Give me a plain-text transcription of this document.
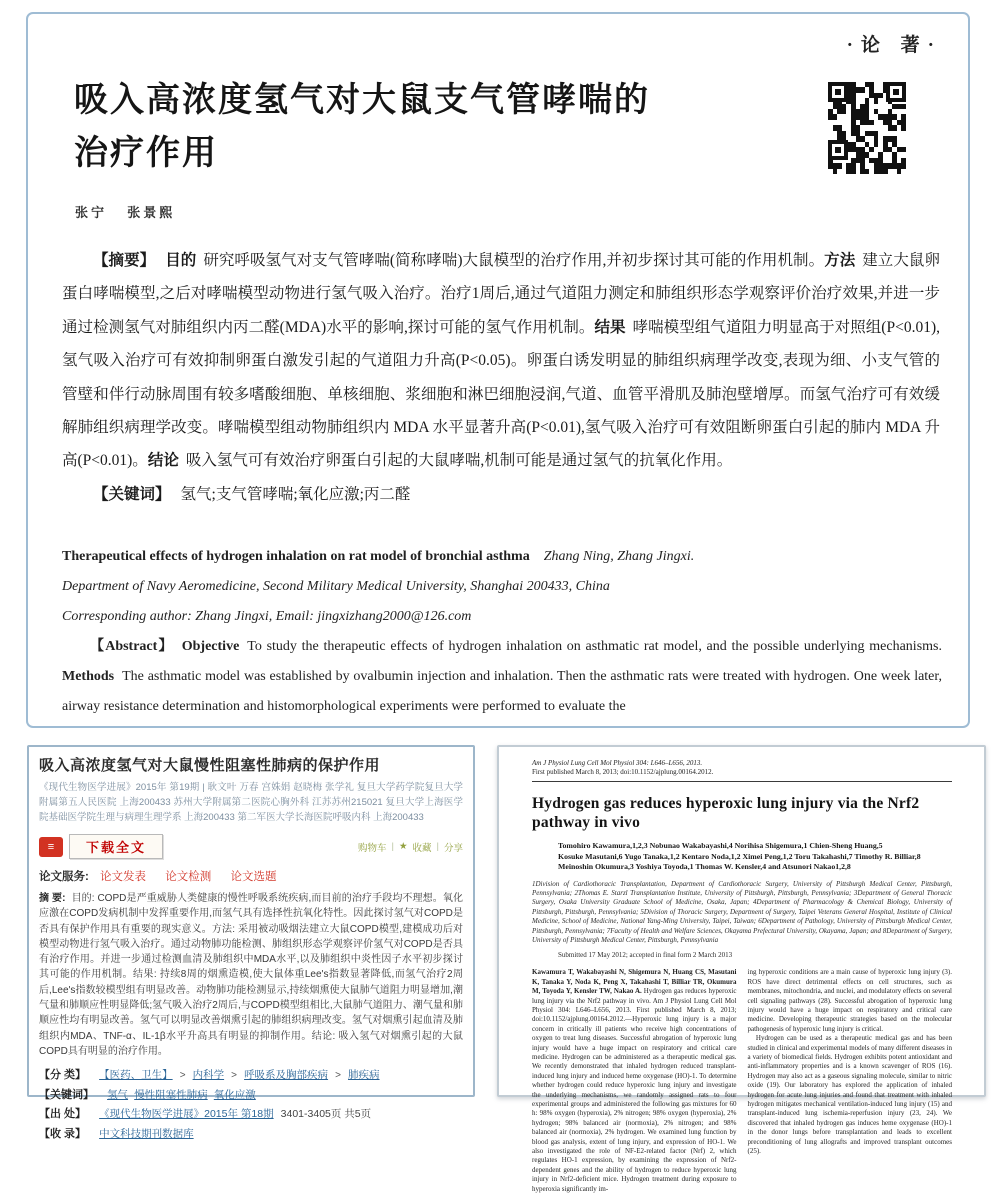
·论 著·
吸入高浓度氢气对大鼠支气管哮喘的
治疗作用
张宁 张景熙

【摘要】 目的 研究呼吸氢气对支气管哮喘(简称哮喘)大鼠模型的治疗作用,并初步探讨其可能的作用机制。方法 建立大鼠卵蛋白哮喘模型,之后对哮喘模型动物进行氢气吸入治疗。治疗1周后,通过气道阻力测定和肺组织形态学观察评价治疗效果,并进一步通过检测氢气对肺组织内丙二醛(MDA)水平的影响,探讨可能的氢气作用机制。结果 哮喘模型组气道阻力明显高于对照组(P<0.01),氢气吸入治疗可有效抑制卵蛋白激发引起的气道阻力升高(P<0.05)。卵蛋白诱发明显的肺组织病理学改变,表现为细、小支气管的管壁和伴行动脉周围有较多嗜酸细胞、单核细胞、浆细胞和淋巴细胞浸润,气道、血管平滑肌及肺泡壁增厚。而氢气治疗可有效缓解肺组织病理学改变。哮喘模型组动物肺组织内 MDA 水平显著升高(P<0.01),氢气吸入治疗可有效阻断卵蛋白引起的肺内 MDA 升高(P<0.01)。结论 吸入氢气可有效治疗卵蛋白引起的大鼠哮喘,机制可能是通过氢气的抗氧化作用。

【关键词】 氢气;支气管哮喘;氧化应激;丙二醛

Therapeutical effects of hydrogen inhalation on rat model of bronchial asthma Zhang Ning, Zhang Jingxi.

Department of Navy Aeromedicine, Second Military Medical University, Shanghai 200433, China

Corresponding author: Zhang Jingxi, Email: jingxizhang2000@126.com

【Abstract】 Objective To study the therapeutic effects of hydrogen inhalation on asthmatic rat model, and the possible underlying mechanisms. Methods The asthmatic model was established by ovalbumin injection and inhalation. Then the asthmatic rats were treated with hydrogen. One week later, airway resistance determination and histomorphological experiments were performed to evaluate the

吸入高浓度氢气对大鼠慢性阻塞性肺病的保护作用
《现代生物医学进展》2015年 第19期 | 耿文叶 万春 宫姝娟 赵晓梅 张学礼 复旦大学药学院复旦大学附属第五人民医院 上海200433 苏州大学附属第二医院心胸外科 江苏苏州215021 复旦大学上海医学院基础医学院生理与病理生理学系 上海200433 第二军医大学长海医院呼吸内科 上海200433
≡	下载全文	购物车 | ★ 收藏 | 分享
论文服务: 论文发表 论文检测 论文选题
摘 要: 目的: COPD是严重威胁人类健康的慢性呼吸系统疾病,而目前的治疗手段均不理想。氧化应激在COPD发病机制中发挥重要作用,而氢气具有选择性抗氧化特性。因此探讨氢气对COPD是否具有保护作用具有重要的现实意义。方法: 采用被动吸烟法建立大鼠COPD模型,建模成功后对模型动物进行氢气吸入治疗。通过动物肺功能检测、肺组织形态学观察评价氢气对COPD是否具有治疗作用。并进一步通过检测血清及肺组织中MDA水平,以及肺组织中炎性因子水平初步探讨其可能的作用机制。结果: 持续8周的烟熏造模,使大鼠体重Lee's指数显著降低,而氢气治疗2周后,Lee's指数较模型组有明显改善。动物肺功能检测显示,持续烟熏使大鼠肺气道阻力明显增加,潮气量和肺顺应性明显降低;氢气吸入治疗2周后,与COPD模型组相比,大鼠肺气道阻力、潮气量和肺顺应性均有明显改善。氢气可以明显改善烟熏引起的肺组织病理改变。氢气对烟熏引起血清及肺组织内MDA、TNF-α、IL-1β水平升高具有明显的抑制作用。结论: 吸入氢气对烟熏引起的大鼠COPD具有明显的治疗作用。
【分 类】 【医药、卫生】 > 内科学 > 呼吸系及胸部疾病 > 肺疾病
【关键词】 氢气 慢性阻塞性肺病 氧化应激
【出 处】 《现代生物医学进展》2015年 第18期 3401-3405页 共5页
【收 录】 中文科技期刊数据库
Am J Physiol Lung Cell Mol Physiol 304: L646–L656, 2013.
First published March 8, 2013; doi:10.1152/ajplung.00164.2012.
Hydrogen gas reduces hyperoxic lung injury via the Nrf2 pathway in vivo
Tomohiro Kawamura,1,2,3 Nobunao Wakabayashi,4 Norihisa Shigemura,1 Chien-Sheng Huang,5
Kosuke Masutani,6 Yugo Tanaka,1,2 Kentaro Noda,1,2 Ximei Peng,1,2 Toru Takahashi,7 Timothy R. Billiar,8
Meinoshin Okumura,3 Yoshiya Toyoda,1 Thomas W. Kensler,4 and Atsunori Nakao1,2,8
1Division of Cardiothoracic Transplantation, Department of Cardiothoracic Surgery, University of Pittsburgh Medical Center, Pittsburgh, Pennsylvania; 2Thomas E. Starzl Transplantation Institute, University of Pittsburgh, Pittsburgh, Pennsylvania; 3Department of General Thoracic Surgery, Osaka University Graduate School of Medicine, Osaka, Japan; 4Department of Pharmacology & Chemical Biology, University of Pittsburgh, Pittsburgh, Pennsylvania; 5Division of Thoracic Surgery, Department of Surgery, Taipei Veterans General Hospital, Institute of Clinical Medicine, School of Medicine, National Yang-Ming University, Taipei, Taiwan; 6Department of Pathology, University of Pittsburgh Medical Center, Pittsburgh, Pennsylvania; 7Faculty of Health and Welfare Sciences, Okayama Prefectural University, Okayama, Japan; and 8Department of Surgery, University of Pittsburgh Medical Center, Pittsburgh, Pennsylvania
Submitted 17 May 2012; accepted in final form 2 March 2013

Kawamura T, Wakabayashi N, Shigemura N, Huang CS, Masutani K, Tanaka Y, Noda K, Peng X, Takahashi T, Billiar TR, Okumura M, Toyoda Y, Kensler TW, Nakao A. Hydrogen gas reduces hyperoxic lung injury via the Nrf2 pathway in vivo. Am J Physiol Lung Cell Mol Physiol 304: L646–L656, 2013. First published March 8, 2013; doi:10.1152/ajplung.00164.2012.—Hyperoxic lung injury is a major concern in critically ill patients who receive high concentrations of oxygen to treat lung diseases. Successful abrogation of hyperoxic lung injury would have a huge impact on respiratory and critical care medicine. Hydrogen can be administered as a therapeutic medical gas. We recently demonstrated that inhaled hydrogen reduced transplant-induced lung injury and induced heme oxygenase (HO)-1. To determine whether hydrogen could reduce hyperoxic lung injury and investigate the underlying mechanisms, we randomly assigned rats to four experimental groups and administered the following gas mixtures for 60 h: 98% oxygen (hyperoxia), 2% nitrogen; 98% oxygen (hyperoxia), 2% hydrogen; 98% balanced air (normoxia), 2% nitrogen; and 98% balanced air (normoxia), 2% hydrogen. We examined lung function by blood gas analysis, extent of lung injury, and expression of HO-1. We also investigated the role of NF-E2-related factor (Nrf) 2, which regulates HO-1 expression, by examining the expression of Nrf2-dependent genes and the ability of hydrogen to reduce hyperoxic lung injury in Nrf2-deficient mice. Hydrogen treatment during exposure to hyperoxia significantly im-

ing hyperoxic conditions are a main cause of hyperoxic lung injury (3). ROS have direct detrimental effects on cell structures, such as membranes, mitochondria, and nuclei, and modulatory effects on several cell signaling pathways (28). Successful abrogation of hyperoxic lung injury would have a huge impact on respiratory and critical care medicine. Developing therapeutic strategies based on the molecular pathogenesis of hyperoxic lung injury is critical.

Hydrogen can be used as a therapeutic medical gas and has been studied in clinical and experimental models of many different diseases in a variety of biomedical fields. Hydrogen exhibits potent antioxidant and anti-inflammatory properties and is a known scavenger of ROS (16). Hydrogen may also act as a gaseous signaling molecule, similar to nitric oxide (19). Our laboratory has explored the application of inhaled hydrogen for acute lung injuries and found that treatment with inhaled hydrogen mitigates mechanical ventilation-induced lung injury (15) and transplant-induced lung ischemia-reperfusion injury (23, 24). We discovered that inhaled hydrogen gas induces heme oxygenase (HO)-1 in the donor lungs before transplantation and leads to excellent preconditioning of lung allografts and improved transplant outcomes (25).
